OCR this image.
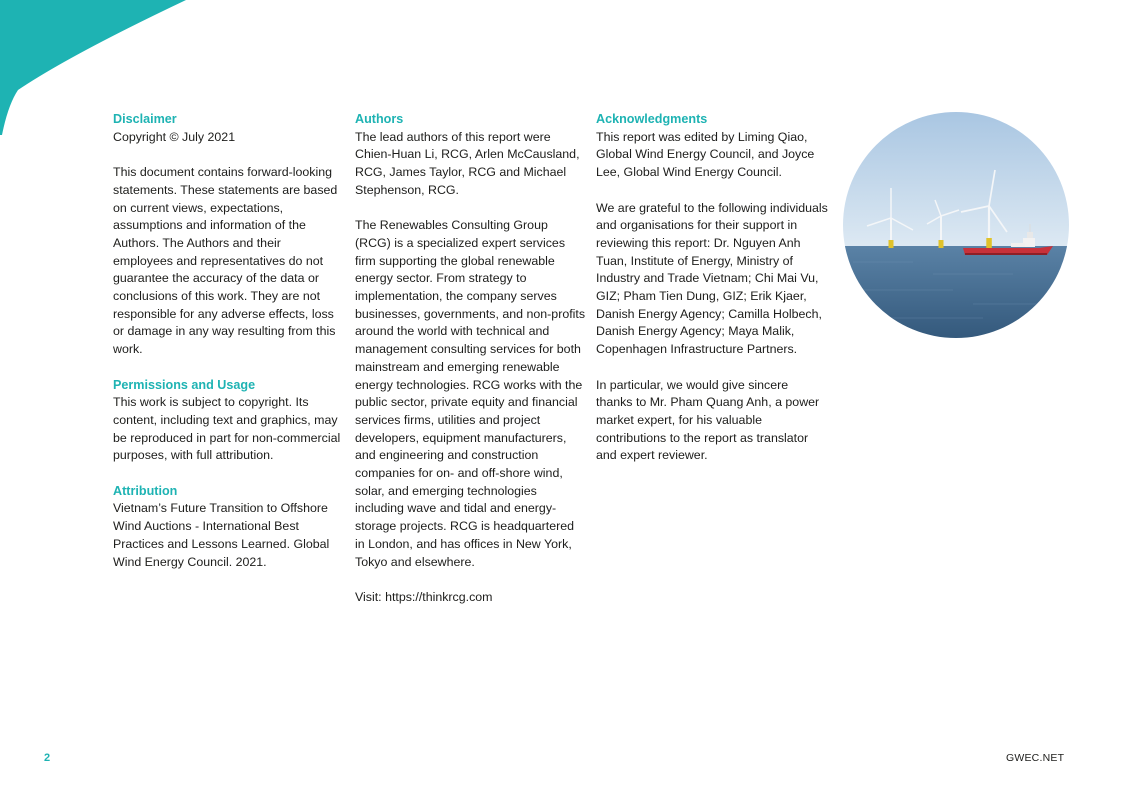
Disclaimer

Copyright © July 2021

This document contains forward-looking statements. These statements are based on current views, expectations, assumptions and information of the Authors. The Authors and their employees and representatives do not guarantee the accuracy of the data or conclusions of this work. They are not responsible for any adverse effects, loss or damage in any way resulting from this work.

Permissions and Usage

This work is subject to copyright. Its content, including text and graphics, may be reproduced in part for non-commercial purposes, with full attribution.

Attribution

Vietnam’s Future Transition to Offshore Wind Auctions - International Best Practices and Lessons Learned. Global Wind Energy Council. 2021.

Authors

The lead authors of this report were Chien-Huan Li, RCG, Arlen McCausland, RCG, James Taylor, RCG and Michael Stephenson, RCG.

The Renewables Consulting Group (RCG) is a specialized expert services firm supporting the global renewable energy sector. From strategy to implementation, the company serves businesses, governments, and non-profits around the world with technical and management consulting services for both mainstream and emerging renewable energy technologies. RCG works with the public sector, private equity and financial services firms, utilities and project developers, equipment manufacturers, and engineering and construction companies for on- and off-shore wind, solar, and emerging technologies including wave and tidal and energy-storage projects. RCG is headquartered in London, and has offices in New York, Tokyo and elsewhere.

Visit: https://thinkrcg.com

Acknowledgments

This report was edited by Liming Qiao, Global Wind Energy Council, and Joyce Lee, Global Wind Energy Council.

We are grateful to the following individuals and organisations for their support in reviewing this report: Dr. Nguyen Anh Tuan, Institute of Energy, Ministry of Industry and Trade Vietnam; Chi Mai Vu, GIZ; Pham Tien Dung, GIZ; Erik Kjaer, Danish Energy Agency; Camilla Holbech, Danish Energy Agency; Maya Malik, Copenhagen Infrastructure Partners.

In particular, we would give sincere thanks to Mr. Pham Quang Anh, a power market expert, for his valuable contributions to the report as translator and expert reviewer.

2	GWEC.NET
